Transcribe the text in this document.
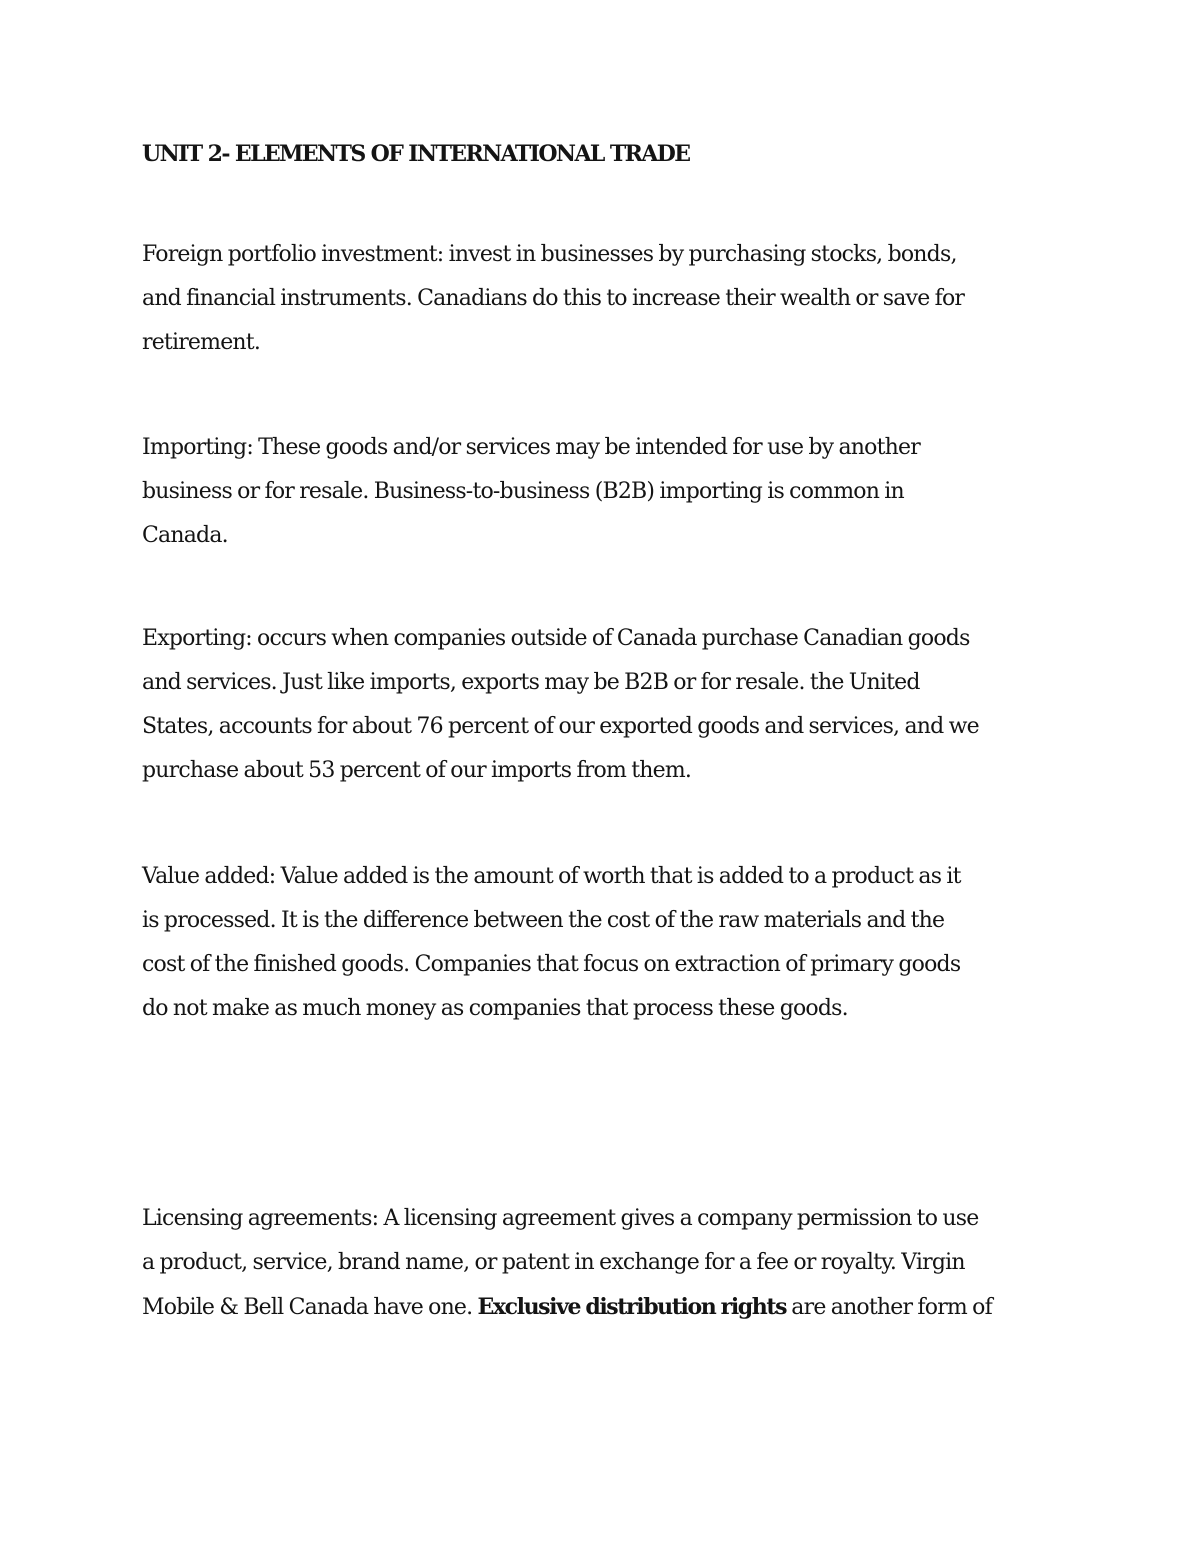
UNIT 2- ELEMENTS OF INTERNATIONAL TRADE

Foreign portfolio investment: invest in businesses by purchasing stocks, bonds,
and financial instruments. Canadians do this to increase their wealth or save for
retirement.

Importing: These goods and/or services may be intended for use by another
business or for resale. Business-to-business (B2B) importing is common in
Canada.

Exporting: occurs when companies outside of Canada purchase Canadian goods
and services. Just like imports, exports may be B2B or for resale. the United
States, accounts for about 76 percent of our exported goods and services, and we
purchase about 53 percent of our imports from them.

Value added: Value added is the amount of worth that is added to a product as it
is processed. It is the difference between the cost of the raw materials and the
cost of the finished goods. Companies that focus on extraction of primary goods
do not make as much money as companies that process these goods.

Licensing agreements: A licensing agreement gives a company permission to use
a product, service, brand name, or patent in exchange for a fee or royalty. Virgin
Mobile & Bell Canada have one. Exclusive distribution rights are another form of
